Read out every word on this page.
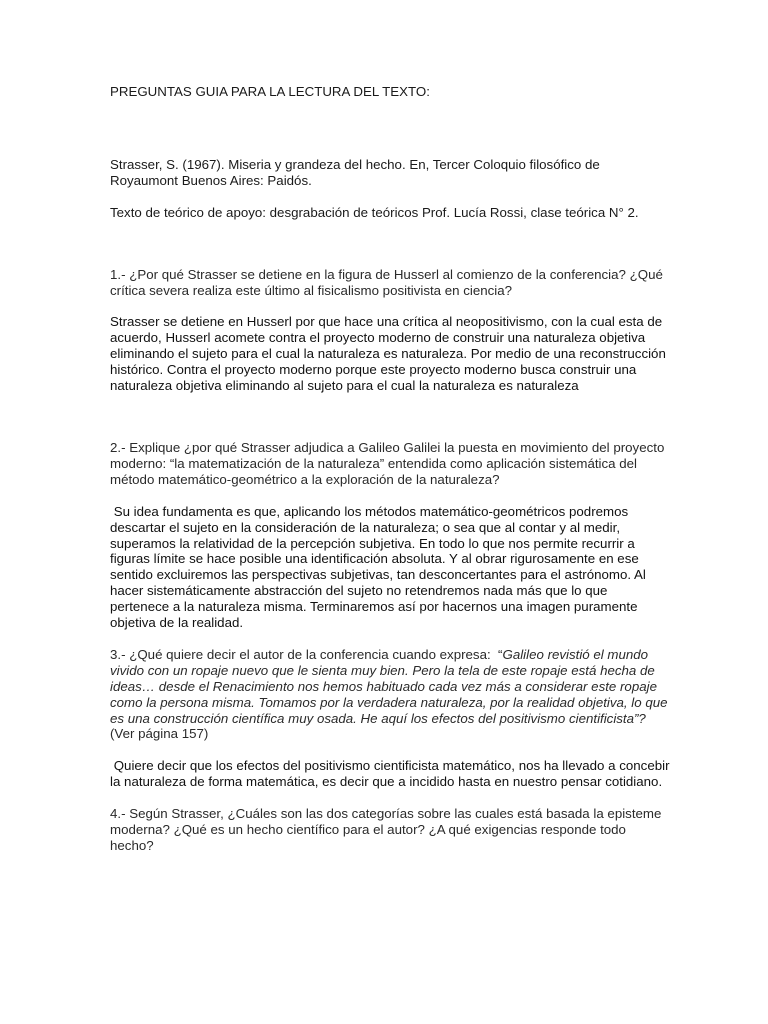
PREGUNTAS GUIA PARA LA LECTURA DEL TEXTO:

Strasser, S. (1967). Miseria y grandeza del hecho. En, Tercer Coloquio filosófico de Royaumont Buenos Aires: Paidós.

Texto de teórico de apoyo: desgrabación de teóricos Prof. Lucía Rossi, clase teórica N° 2.

1.- ¿Por qué Strasser se detiene en la figura de Husserl al comienzo de la conferencia? ¿Qué crítica severa realiza este último al fisicalismo positivista en ciencia?

Strasser se detiene en Husserl por que hace una crítica al neopositivismo, con la cual esta de acuerdo, Husserl acomete contra el proyecto moderno de construir una naturaleza objetiva eliminando el sujeto para el cual la naturaleza es naturaleza. Por medio de una reconstrucción histórico. Contra el proyecto moderno porque este proyecto moderno busca construir una naturaleza objetiva eliminando al sujeto para el cual la naturaleza es naturaleza

2.- Explique ¿por qué Strasser adjudica a Galileo Galilei la puesta en movimiento del proyecto moderno: “la matematización de la naturaleza” entendida como aplicación sistemática del método matemático-geométrico a la exploración de la naturaleza?

Su idea fundamenta es que, aplicando los métodos matemático-geométricos podremos descartar el sujeto en la consideración de la naturaleza; o sea que al contar y al medir, superamos la relatividad de la percepción subjetiva. En todo lo que nos permite recurrir a figuras límite se hace posible una identificación absoluta. Y al obrar rigurosamente en ese sentido excluiremos las perspectivas subjetivas, tan desconcertantes para el astrónomo. Al hacer sistemáticamente abstracción del sujeto no retendremos nada más que lo que pertenece a la naturaleza misma. Terminaremos así por hacernos una imagen puramente objetiva de la realidad.

3.- ¿Qué quiere decir el autor de la conferencia cuando expresa:  “Galileo revistió el mundo vivido con un ropaje nuevo que le sienta muy bien. Pero la tela de este ropaje está hecha de ideas… desde el Renacimiento nos hemos habituado cada vez más a considerar este ropaje como la persona misma. Tomamos por la verdadera naturaleza, por la realidad objetiva, lo que es una construcción científica muy osada. He aquí los efectos del positivismo cientificista”? (Ver página 157)

Quiere decir que los efectos del positivismo cientificista matemático, nos ha llevado a concebir la naturaleza de forma matemática, es decir que a incidido hasta en nuestro pensar cotidiano.

4.- Según Strasser, ¿Cuáles son las dos categorías sobre las cuales está basada la episteme moderna? ¿Qué es un hecho científico para el autor? ¿A qué exigencias responde todo hecho?
